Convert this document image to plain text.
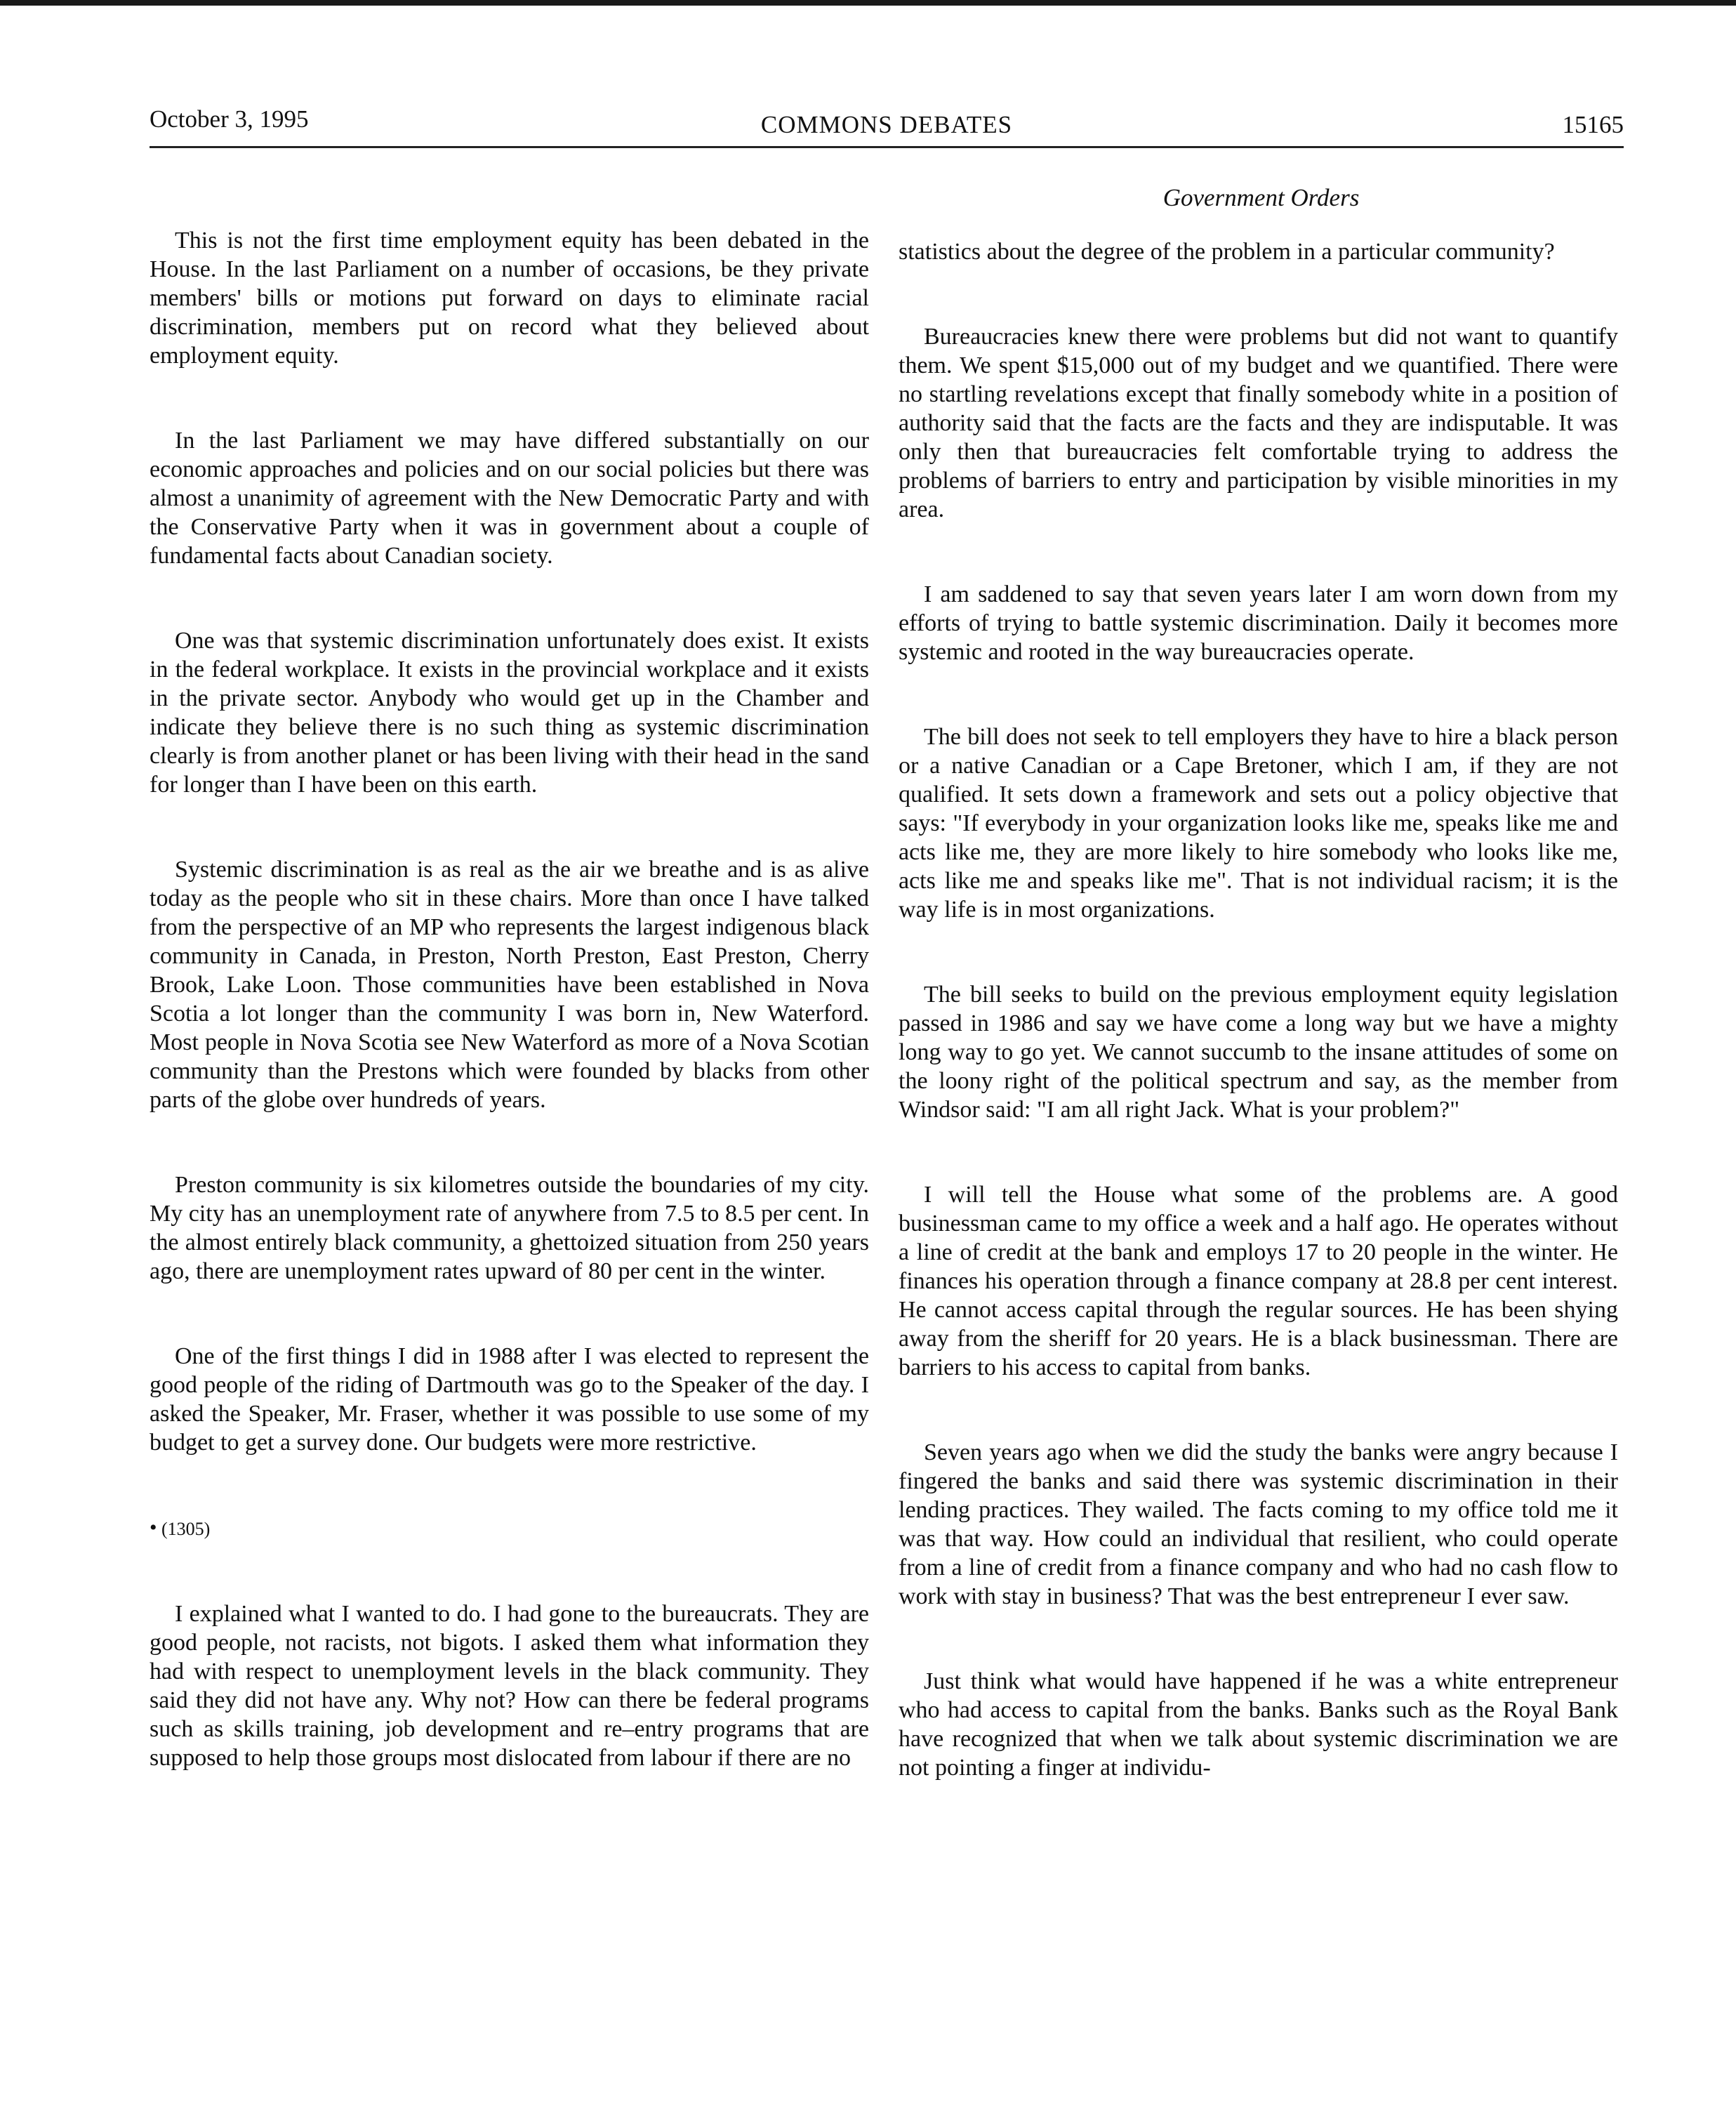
October 3, 1995	COMMONS DEBATES	15165
Government Orders

This is not the first time employment equity has been debated in the House. In the last Parliament on a number of occasions, be they private members' bills or motions put forward on days to eliminate racial discrimination, members put on record what they believed about employment equity.

In the last Parliament we may have differed substantially on our economic approaches and policies and on our social policies but there was almost a unanimity of agreement with the New Democratic Party and with the Conservative Party when it was in government about a couple of fundamental facts about Canadian society.

One was that systemic discrimination unfortunately does exist. It exists in the federal workplace. It exists in the provincial workplace and it exists in the private sector. Anybody who would get up in the Chamber and indicate they believe there is no such thing as systemic discrimination clearly is from another planet or has been living with their head in the sand for longer than I have been on this earth.

Systemic discrimination is as real as the air we breathe and is as alive today as the people who sit in these chairs. More than once I have talked from the perspective of an MP who represents the largest indigenous black community in Canada, in Preston, North Preston, East Preston, Cherry Brook, Lake Loon. Those communities have been established in Nova Scotia a lot longer than the community I was born in, New Waterford. Most people in Nova Scotia see New Waterford as more of a Nova Scotian community than the Prestons which were founded by blacks from other parts of the globe over hundreds of years.

Preston community is six kilometres outside the boundaries of my city. My city has an unemployment rate of anywhere from 7.5 to 8.5 per cent. In the almost entirely black community, a ghettoized situation from 250 years ago, there are unemployment rates upward of 80 per cent in the winter.

One of the first things I did in 1988 after I was elected to represent the good people of the riding of Dartmouth was go to the Speaker of the day. I asked the Speaker, Mr. Fraser, whether it was possible to use some of my budget to get a survey done. Our budgets were more restrictive.

• (1305)

I explained what I wanted to do. I had gone to the bureaucrats. They are good people, not racists, not bigots. I asked them what information they had with respect to unemployment levels in the black community. They said they did not have any. Why not? How can there be federal programs such as skills training, job development and re–entry programs that are supposed to help those groups most dislocated from labour if there are no

statistics about the degree of the problem in a particular community?

Bureaucracies knew there were problems but did not want to quantify them. We spent $15,000 out of my budget and we quantified. There were no startling revelations except that finally somebody white in a position of authority said that the facts are the facts and they are indisputable. It was only then that bureaucracies felt comfortable trying to address the problems of barriers to entry and participation by visible minorities in my area.

I am saddened to say that seven years later I am worn down from my efforts of trying to battle systemic discrimination. Daily it becomes more systemic and rooted in the way bureaucracies operate.

The bill does not seek to tell employers they have to hire a black person or a native Canadian or a Cape Bretoner, which I am, if they are not qualified. It sets down a framework and sets out a policy objective that says: "If everybody in your organization looks like me, speaks like me and acts like me, they are more likely to hire somebody who looks like me, acts like me and speaks like me". That is not individual racism; it is the way life is in most organizations.

The bill seeks to build on the previous employment equity legislation passed in 1986 and say we have come a long way but we have a mighty long way to go yet. We cannot succumb to the insane attitudes of some on the loony right of the political spectrum and say, as the member from Windsor said: "I am all right Jack. What is your problem?"

I will tell the House what some of the problems are. A good businessman came to my office a week and a half ago. He operates without a line of credit at the bank and employs 17 to 20 people in the winter. He finances his operation through a finance company at 28.8 per cent interest. He cannot access capital through the regular sources. He has been shying away from the sheriff for 20 years. He is a black businessman. There are barriers to his access to capital from banks.

Seven years ago when we did the study the banks were angry because I fingered the banks and said there was systemic discrimination in their lending practices. They wailed. The facts coming to my office told me it was that way. How could an individual that resilient, who could operate from a line of credit from a finance company and who had no cash flow to work with stay in business? That was the best entrepreneur I ever saw.

Just think what would have happened if he was a white entrepreneur who had access to capital from the banks. Banks such as the Royal Bank have recognized that when we talk about systemic discrimination we are not pointing a finger at individu-
